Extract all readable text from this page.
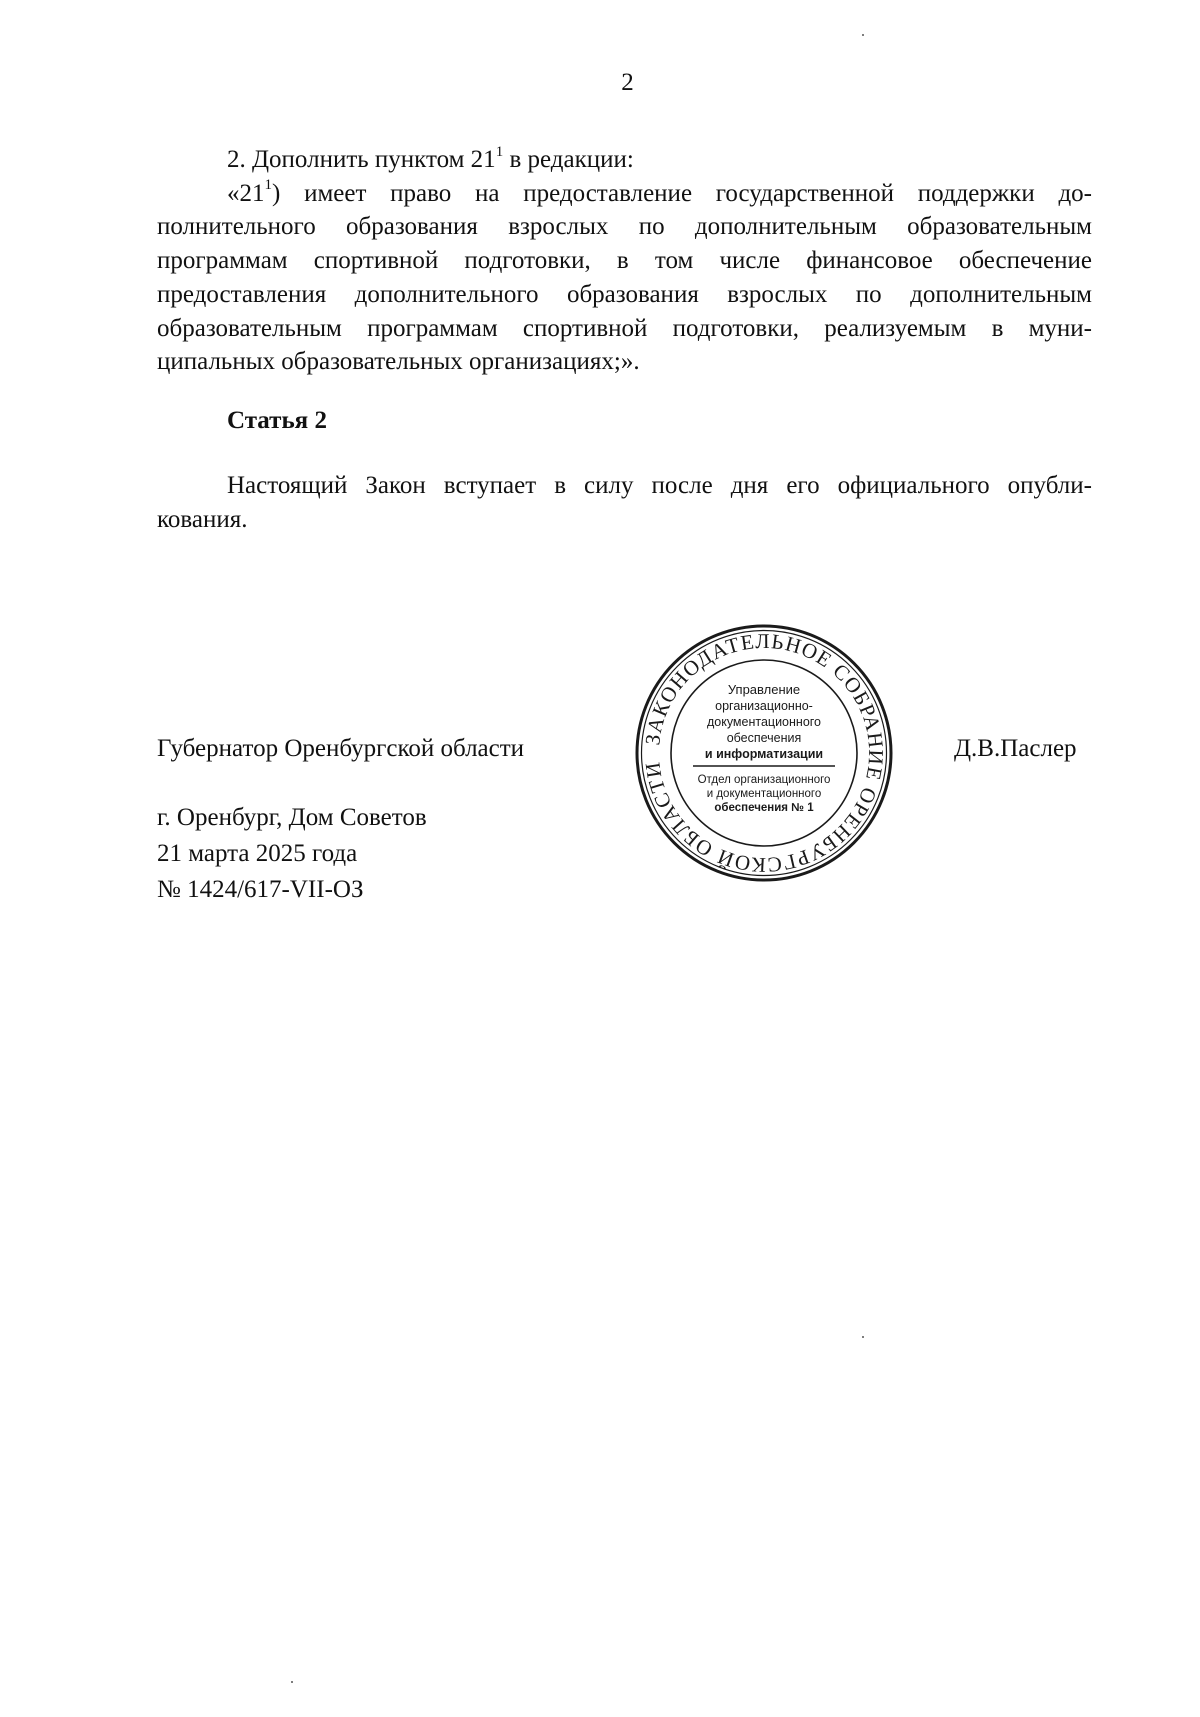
2
2. Дополнить пунктом $21^1$ в редакции:
«$21^1$) имеет право на предоставление государственной поддержки до-
полнительного образования взрослых по дополнительным образовательным
программам спортивной подготовки, в том числе финансовое обеспечение
предоставления дополнительного образования взрослых по дополнительным
образовательным программам спортивной подготовки, реализуемым в муни-
ципальных образовательных организациях;».
Статья 2
Настоящий Закон вступает в силу после дня его официального опубли-
кования.
Губернатор Оренбургской области	Д.В.Паслер
г. Оренбург, Дом Советов
21 марта 2025 года
№ 1424/617-VII-ОЗ
ЗАКОНОДАТЕЛЬНОЕ СОБРАНИЕ ОРЕНБУРГСКОЙ ОБЛАСТИ
Управление
организационно-
документационного
обеспечения
и информатизации
Отдел организационного
и документационного
обеспечения № 1
